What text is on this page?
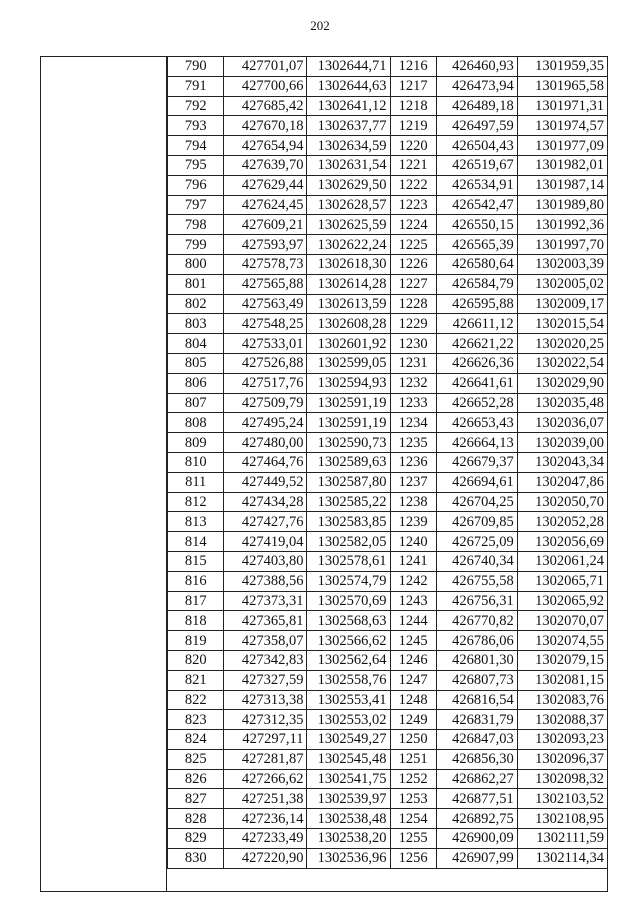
202
790	427701,07	1302644,71	1216	426460,93	1301959,35
791	427700,66	1302644,63	1217	426473,94	1301965,58
792	427685,42	1302641,12	1218	426489,18	1301971,31
793	427670,18	1302637,77	1219	426497,59	1301974,57
794	427654,94	1302634,59	1220	426504,43	1301977,09
795	427639,70	1302631,54	1221	426519,67	1301982,01
796	427629,44	1302629,50	1222	426534,91	1301987,14
797	427624,45	1302628,57	1223	426542,47	1301989,80
798	427609,21	1302625,59	1224	426550,15	1301992,36
799	427593,97	1302622,24	1225	426565,39	1301997,70
800	427578,73	1302618,30	1226	426580,64	1302003,39
801	427565,88	1302614,28	1227	426584,79	1302005,02
802	427563,49	1302613,59	1228	426595,88	1302009,17
803	427548,25	1302608,28	1229	426611,12	1302015,54
804	427533,01	1302601,92	1230	426621,22	1302020,25
805	427526,88	1302599,05	1231	426626,36	1302022,54
806	427517,76	1302594,93	1232	426641,61	1302029,90
807	427509,79	1302591,19	1233	426652,28	1302035,48
808	427495,24	1302591,19	1234	426653,43	1302036,07
809	427480,00	1302590,73	1235	426664,13	1302039,00
810	427464,76	1302589,63	1236	426679,37	1302043,34
811	427449,52	1302587,80	1237	426694,61	1302047,86
812	427434,28	1302585,22	1238	426704,25	1302050,70
813	427427,76	1302583,85	1239	426709,85	1302052,28
814	427419,04	1302582,05	1240	426725,09	1302056,69
815	427403,80	1302578,61	1241	426740,34	1302061,24
816	427388,56	1302574,79	1242	426755,58	1302065,71
817	427373,31	1302570,69	1243	426756,31	1302065,92
818	427365,81	1302568,63	1244	426770,82	1302070,07
819	427358,07	1302566,62	1245	426786,06	1302074,55
820	427342,83	1302562,64	1246	426801,30	1302079,15
821	427327,59	1302558,76	1247	426807,73	1302081,15
822	427313,38	1302553,41	1248	426816,54	1302083,76
823	427312,35	1302553,02	1249	426831,79	1302088,37
824	427297,11	1302549,27	1250	426847,03	1302093,23
825	427281,87	1302545,48	1251	426856,30	1302096,37
826	427266,62	1302541,75	1252	426862,27	1302098,32
827	427251,38	1302539,97	1253	426877,51	1302103,52
828	427236,14	1302538,48	1254	426892,75	1302108,95
829	427233,49	1302538,20	1255	426900,09	1302111,59
830	427220,90	1302536,96	1256	426907,99	1302114,34
